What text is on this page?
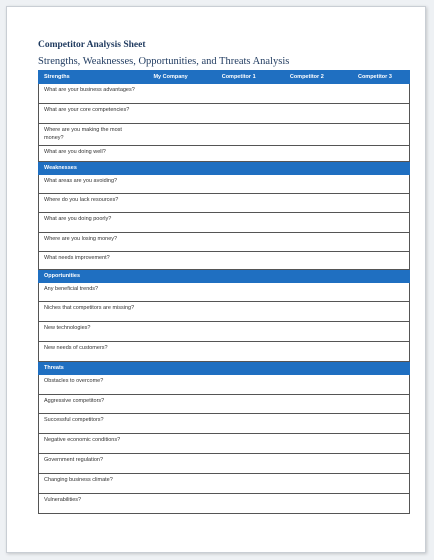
Competitor Analysis Sheet
Strengths, Weaknesses, Opportunities, and Threats Analysis
Strengths	My Company	Competitor 1	Competitor 2	Competitor 3
What are your business advantages?
What are your core competencies?
Where are you making the most money?
What are you doing well?
Weaknesses
What areas are you avoiding?
Where do you lack resources?
What are you doing poorly?
Where are you losing money?
What needs improvement?
Opportunities
Any beneficial trends?
Niches that competitors are missing?
New technologies?
New needs of customers?
Threats
Obstacles to overcome?
Aggressive competitors?
Successful competitors?
Negative economic conditions?
Government regulation?
Changing business climate?
Vulnerabilities?
